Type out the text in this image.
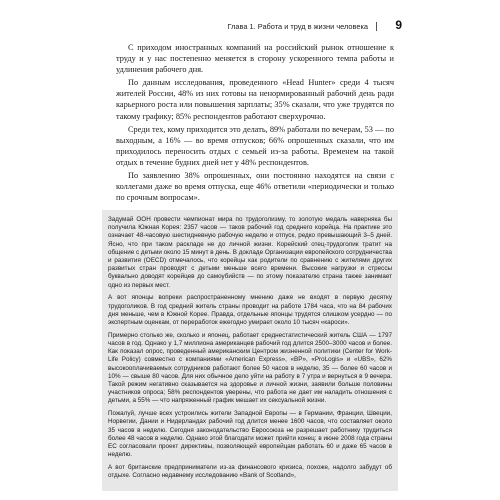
Глава 1. Работа и труд в жизни человека 9

С приходом иностранных компаний на российский рынок отношение к труду и у нас постепенно меняется в сторону ускоренного темпа работы и удлинения рабочего дня.

По данным исследования, проведенного «Head Hunter» среди 4 тысяч жителей России, 48% из них готовы на ненормированный рабочий день ради карьерного роста или повышения зарплаты; 35% сказали, что уже трудятся по такому графику; 85% респондентов работают сверхурочно.

Среди тех, кому приходится это делать, 89% работали по вечерам, 53 — по выходным, а 16% — во время отпусков; 66% опрошенных сказали, что им приходилось переносить отдых с семьей из-за работы. Временем на такой отдых в течение будних дней нет у 48% респондентов.

По заявлению 38% опрошенных, они постоянно находятся на связи с коллегами даже во время отпуска, еще 46% ответили «периодически и только по срочным вопросам».

Задумай ООН провести чемпионат мира по трудоголизму, то золотую медаль наверняка бы получила Южная Корея: 2357 часов — таков рабочий год среднего корейца. На практике это означает 48-часовую шестидневную рабочую неделю и отпуск, редко превышающий 3–5 дней. Ясно, что при таком раскладе не до личной жизни. Корейский отец-трудоголик тратит на общение с детьми около 15 минут в день. В докладе Организации европейского сотрудничества и развития (OECD) отмечалось, что корейцы как родители по сравнению с жителями других развитых стран проводят с детьми меньше всего времени. Высокие нагрузки и стрессы буквально доводят корейцев до самоубийств — по этому показателю страна также занимает одно из первых мест.

А вот японцы вопреки распространенному мнению даже не входят в первую десятку трудоголиков. В год средний житель страны проводит на работе 1784 часа, что на 84 рабочих дня меньше, чем в Южной Корее. Правда, отдельные японцы трудятся слишком усердно — по экспертным оценкам, от переработок ежегодно умирает около 10 тысяч «кароси».

Примерно столько же, сколько и японец, работает среднестатистический житель США — 1797 часов в год. Однако у 1,7 миллиона американцев рабочий год длится 2500–3000 часов и более. Как показал опрос, проведенный американским Центром жизненной политики (Center for Work-Life Policy) совместно с компаниями «American Express», «BP», «ProLogis» и «UBS», 62% высокооплачиваемых сотрудников работают более 50 часов в неделю, 35 — более 60 часов и 10% — свыше 80 часов. Для них обычное дело уйти на работу в 7 утра и вернуться в 9 вечера. Такой режим негативно сказывается на здоровье и личной жизни, заявили больше половины участников опроса; 58% респондентов уверены, что работа не дает им наладить отношения с детьми, а 55% — что напряженный график мешает их сексуальной жизни.

Пожалуй, лучше всех устроились жители Западной Европы — в Германии, Франции, Швеции, Норвегии, Дании и Нидерландах рабочий год длится менее 1600 часов, что составляет около 35 часов в неделю. Сегодня законодательство Евросоюза не разрешает работнику трудиться более 48 часов в неделю. Однако этой благодати может прийти конец: в июне 2008 года страны ЕС согласовали проект директивы, позволяющей европейцам работать 60 и даже 65 часов в неделю.

А вот британские предприниматели из-за финансового кризиса, похоже, надолго забудут об отдыхе. Согласно недавнему исследованию «Bank of Scotland»,
